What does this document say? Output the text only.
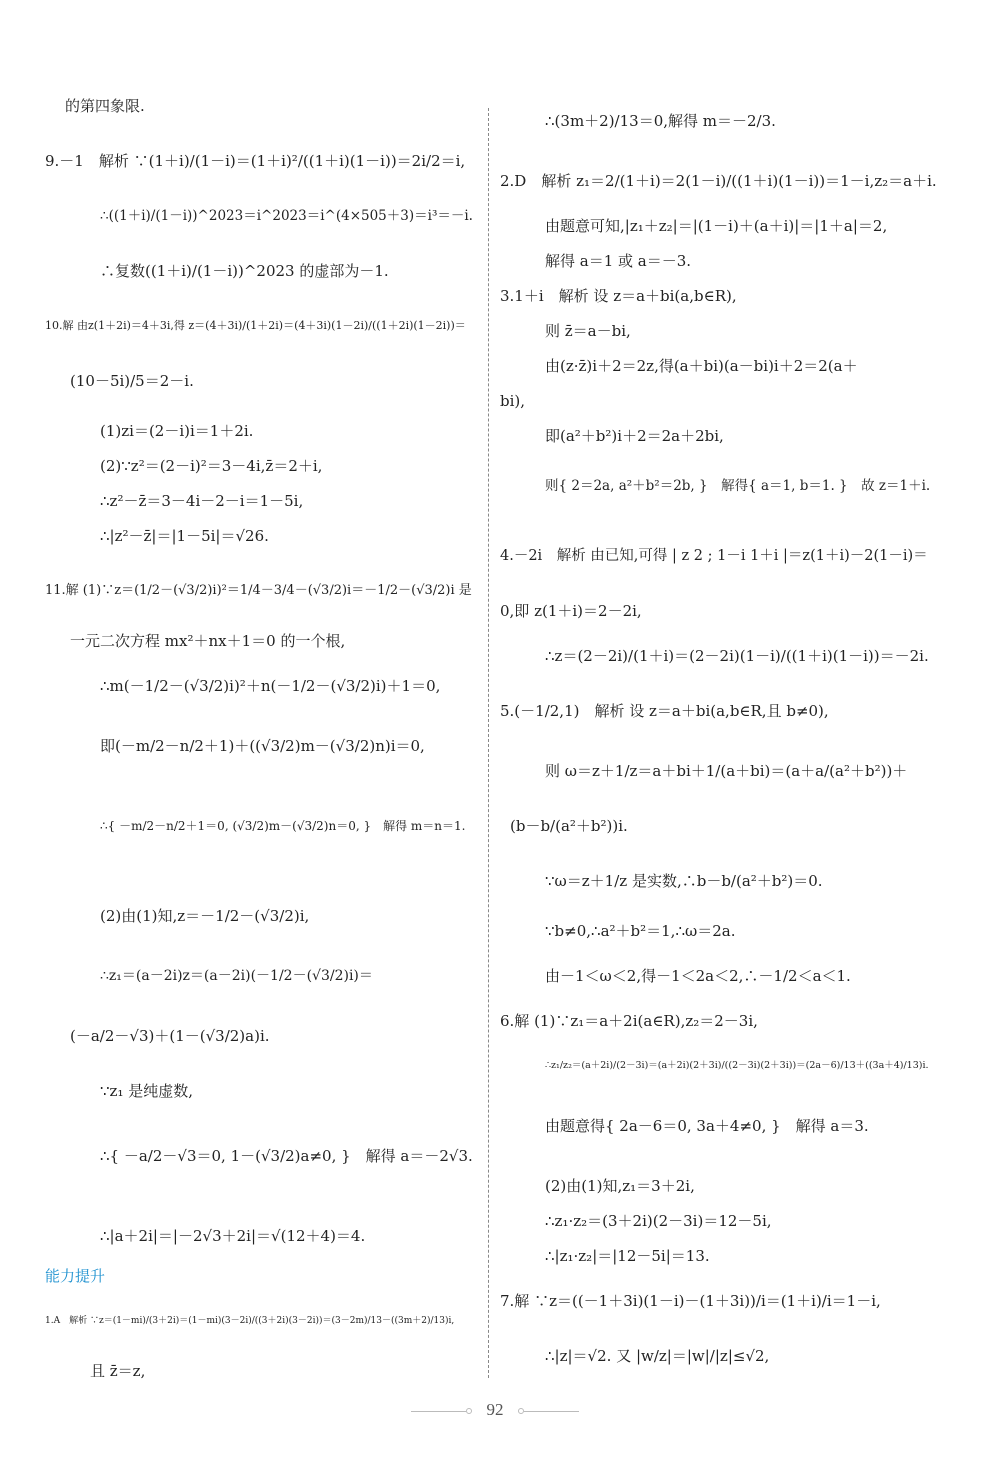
的第四象限.
9.－1　解析 ∵(1＋i)/(1－i)＝(1＋i)²/((1＋i)(1－i))＝2i/2＝i,
∴((1＋i)/(1－i))^2023＝i^2023＝i^(4×505＋3)＝i³＝－i.
∴复数((1＋i)/(1－i))^2023 的虚部为－1.
10.解 由z(1＋2i)＝4＋3i,得 z＝(4＋3i)/(1＋2i)＝(4＋3i)(1－2i)/((1＋2i)(1－2i))＝
(10－5i)/5＝2－i.
(1)zi＝(2－i)i＝1＋2i.
(2)∵z²＝(2－i)²＝3－4i,z̄＝2＋i,
∴z²－z̄＝3－4i－2－i＝1－5i,
∴|z²－z̄|＝|1－5i|＝√26.
11.解 (1)∵z＝(1/2－(√3/2)i)²＝1/4－3/4－(√3/2)i＝－1/2－(√3/2)i 是
一元二次方程 mx²＋nx＋1＝0 的一个根,
∴m(－1/2－(√3/2)i)²＋n(－1/2－(√3/2)i)＋1＝0,
即(－m/2－n/2＋1)＋((√3/2)m－(√3/2)n)i＝0,
∴{ －m/2－n/2＋1＝0, (√3/2)m－(√3/2)n＝0, }　解得 m＝n＝1.
(2)由(1)知,z＝－1/2－(√3/2)i,
∴z₁＝(a－2i)z＝(a－2i)(－1/2－(√3/2)i)＝
(－a/2－√3)＋(1－(√3/2)a)i.
∵z₁ 是纯虚数,
∴{ －a/2－√3＝0, 1－(√3/2)a≠0, }　解得 a＝－2√3.
∴|a＋2i|＝|－2√3＋2i|＝√(12＋4)＝4.
能力提升
1.A　解析 ∵z＝(1－mi)/(3＋2i)＝(1－mi)(3－2i)/((3＋2i)(3－2i))＝(3－2m)/13－((3m＋2)/13)i,
且 z̄＝z,
∴(3m＋2)/13＝0,解得 m＝－2/3.
2.D　解析 z₁＝2/(1＋i)＝2(1－i)/((1＋i)(1－i))＝1－i,z₂＝a＋i.
由题意可知,|z₁＋z₂|＝|(1－i)＋(a＋i)|＝|1＋a|＝2,
解得 a＝1 或 a＝－3.
3.1＋i　解析 设 z＝a＋bi(a,b∈R),
则 z̄＝a－bi,
由(z·z̄)i＋2＝2z,得(a＋bi)(a－bi)i＋2＝2(a＋
bi),
即(a²＋b²)i＋2＝2a＋2bi,
则{ 2＝2a, a²＋b²＝2b, }　解得{ a＝1, b＝1. }　故 z＝1＋i.
4.－2i　解析 由已知,可得 | z 2 ; 1－i 1＋i |＝z(1＋i)－2(1－i)＝
0,即 z(1＋i)＝2－2i,
∴z＝(2－2i)/(1＋i)＝(2－2i)(1－i)/((1＋i)(1－i))＝－2i.
5.(－1/2,1)　解析 设 z＝a＋bi(a,b∈R,且 b≠0),
则 ω＝z＋1/z＝a＋bi＋1/(a＋bi)＝(a＋a/(a²＋b²))＋
(b－b/(a²＋b²))i.
∵ω＝z＋1/z 是实数,∴b－b/(a²＋b²)＝0.
∵b≠0,∴a²＋b²＝1,∴ω＝2a.
由－1＜ω＜2,得－1＜2a＜2,∴－1/2＜a＜1.
6.解 (1)∵z₁＝a＋2i(a∈R),z₂＝2－3i,
∴z₁/z₂＝(a＋2i)/(2－3i)＝(a＋2i)(2＋3i)/((2－3i)(2＋3i))＝(2a－6)/13＋((3a＋4)/13)i.
由题意得{ 2a－6＝0, 3a＋4≠0, }　解得 a＝3.
(2)由(1)知,z₁＝3＋2i,
∴z₁·z₂＝(3＋2i)(2－3i)＝12－5i,
∴|z₁·z₂|＝|12－5i|＝13.
7.解 ∵z＝((－1＋3i)(1－i)－(1＋3i))/i＝(1＋i)/i＝1－i,
∴|z|＝√2. 又 |w/z|＝|w|/|z|≤√2,
92
